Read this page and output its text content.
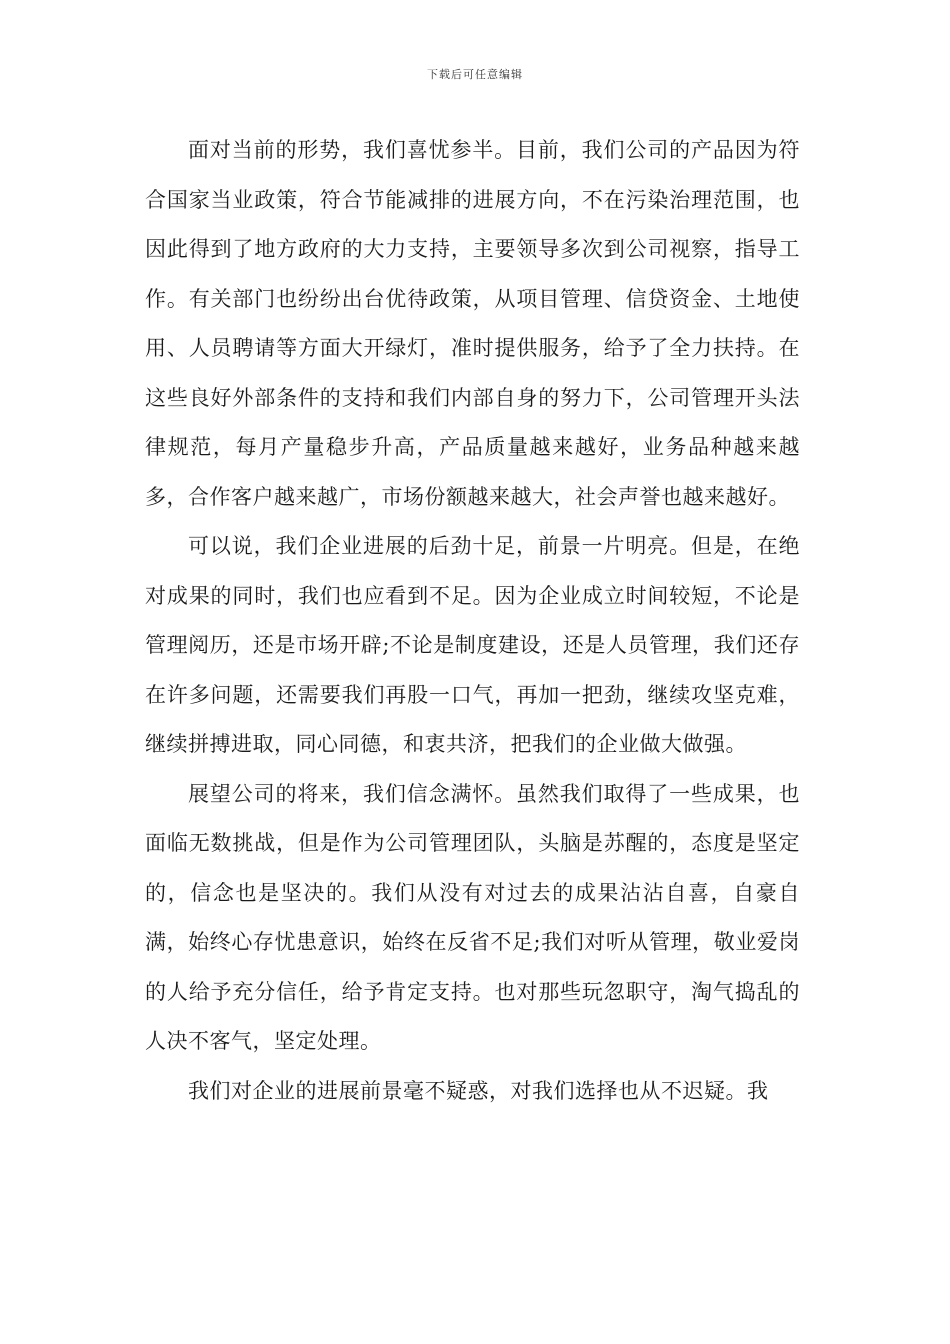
下载后可任意编辑

面对当前的形势，我们喜忧参半。目前，我们公司的产品因为符合国家当业政策，符合节能减排的进展方向，不在污染治理范围，也因此得到了地方政府的大力支持，主要领导多次到公司视察，指导工作。有关部门也纷纷出台优待政策，从项目管理、信贷资金、土地使用、人员聘请等方面大开绿灯，准时提供服务，给予了全力扶持。在这些良好外部条件的支持和我们内部自身的努力下，公司管理开头法律规范，每月产量稳步升高，产品质量越来越好，业务品种越来越多，合作客户越来越广，市场份额越来越大，社会声誉也越来越好。

可以说，我们企业进展的后劲十足，前景一片明亮。但是，在绝对成果的同时，我们也应看到不足。因为企业成立时间较短，不论是管理阅历，还是市场开辟;不论是制度建设，还是人员管理，我们还存在许多问题，还需要我们再股一口气，再加一把劲，继续攻坚克难，继续拼搏进取，同心同德，和衷共济，把我们的企业做大做强。

展望公司的将来，我们信念满怀。虽然我们取得了一些成果，也面临无数挑战，但是作为公司管理团队，头脑是苏醒的，态度是坚定的，信念也是坚决的。我们从没有对过去的成果沾沾自喜，自豪自满，始终心存忧患意识，始终在反省不足;我们对听从管理，敬业爱岗的人给予充分信任，给予肯定支持。也对那些玩忽职守，淘气捣乱的人决不客气，坚定处理。

我们对企业的进展前景毫不疑惑，对我们选择也从不迟疑。我
